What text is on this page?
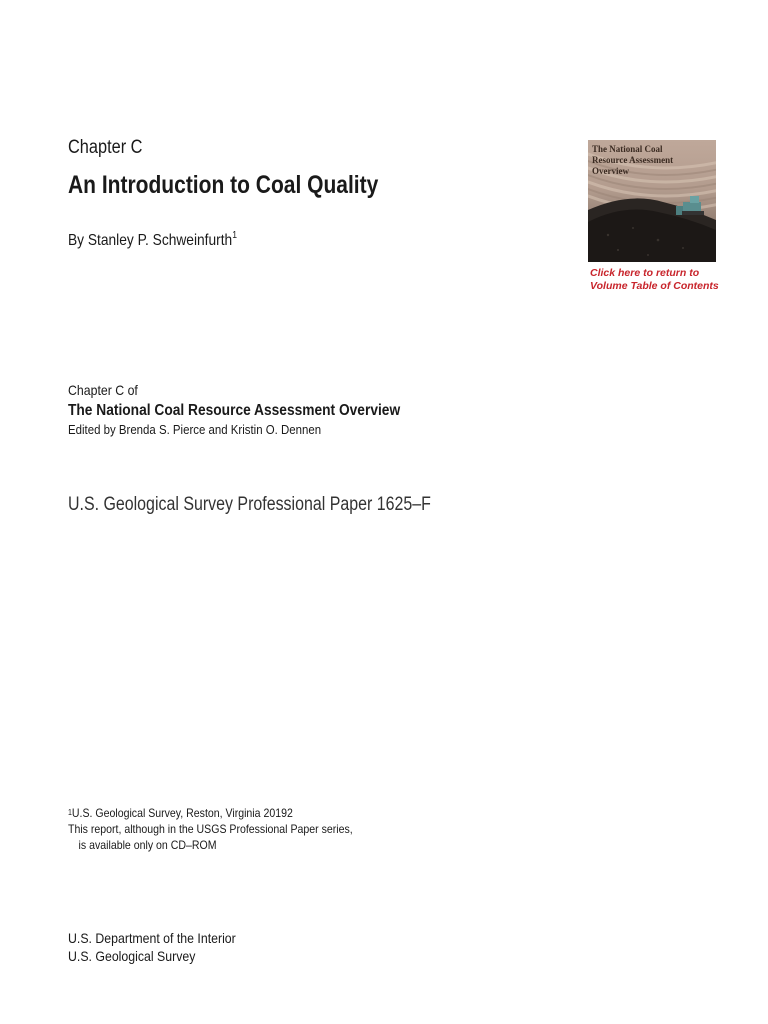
Chapter C
An Introduction to Coal Quality
By Stanley P. Schweinfurth$^1$
The National Coal
Resource Assessment
Overview
Click here to return to
Volume Table of Contents
Chapter C of
The National Coal Resource Assessment Overview
Edited by Brenda S. Pierce and Kristin O. Dennen
U.S. Geological Survey Professional Paper 1625–F
$^1$U.S. Geological Survey, Reston, Virginia 20192
This report, although in the USGS Professional Paper series,
is available only on CD–ROM
U.S. Department of the Interior
U.S. Geological Survey
